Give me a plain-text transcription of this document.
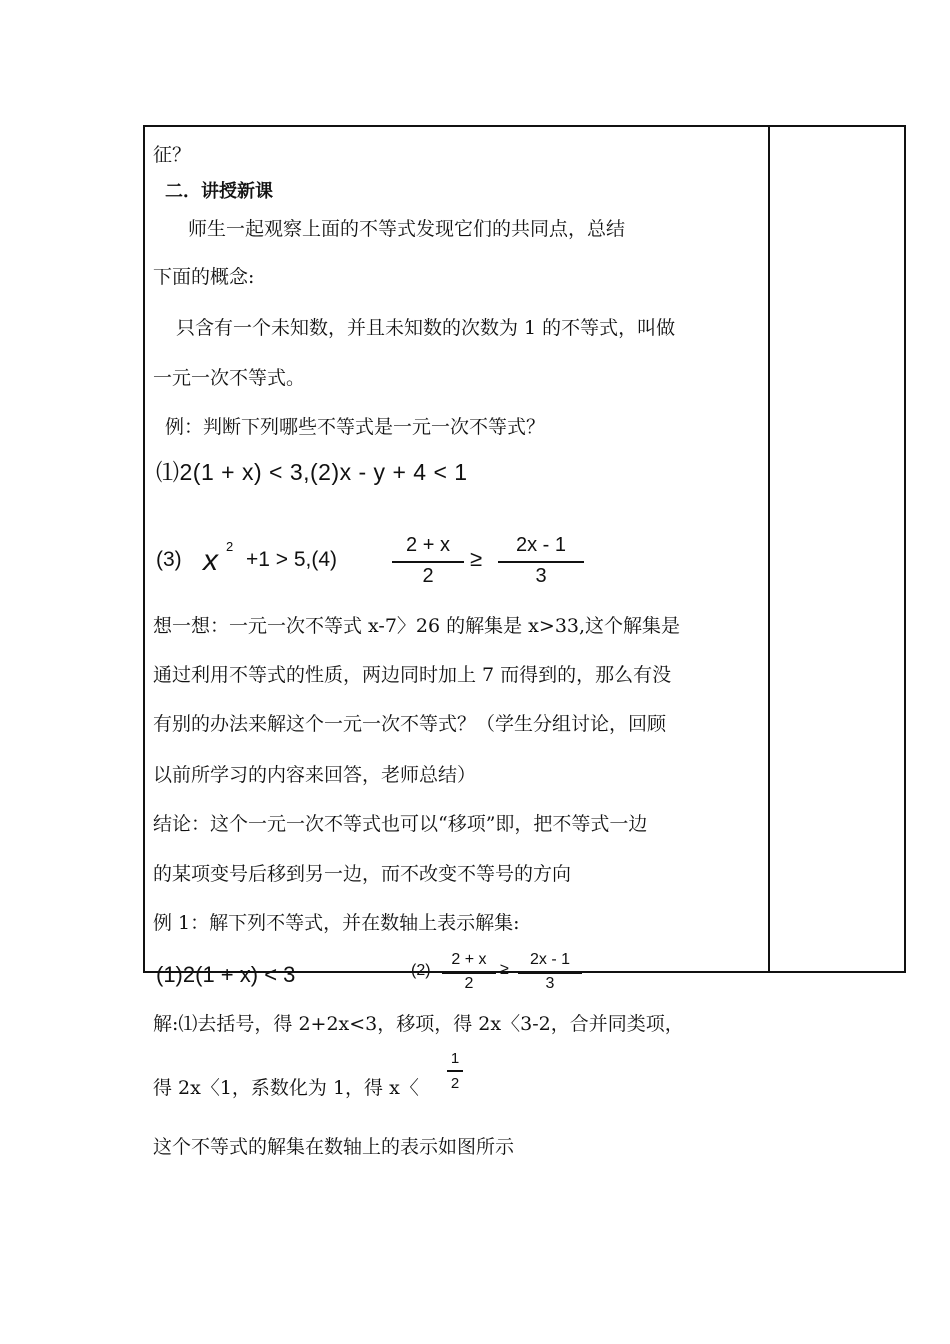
征？
二．讲授新课
师生一起观察上面的不等式发现它们的共同点，总结
下面的概念:
只含有一个未知数，并且未知数的次数为 1 的不等式，叫做
一元一次不等式。
例：判断下列哪些不等式是一元一次不等式？
⑴2(1 + x) < 3,(2)x - y + 4 < 1
(3) x 2
+1 > 5,(4)
2 + x
2
≥
2x - 1
3
想一想：一元一次不等式 x-7〉26 的解集是 x>33,这个解集是
通过利用不等式的性质，两边同时加上 7 而得到的，那么有没
有别的办法来解这个一元一次不等式？（学生分组讨论，回顾
以前所学习的内容来回答，老师总结）
结论：这个一元一次不等式也可以“移项”即，把不等式一边
的某项变号后移到另一边，而不改变不等号的方向
例 1：解下列不等式，并在数轴上表示解集:
(1)2(1 + x) < 3	(2)
2 + x
2
≥
2x - 1
3
解:⑴去括号，得 2+2x<3，移项，得 2x〈3-2，合并同类项，
得 2x〈1，系数化为 1，得 x〈
1
2
这个不等式的解集在数轴上的表示如图所示
